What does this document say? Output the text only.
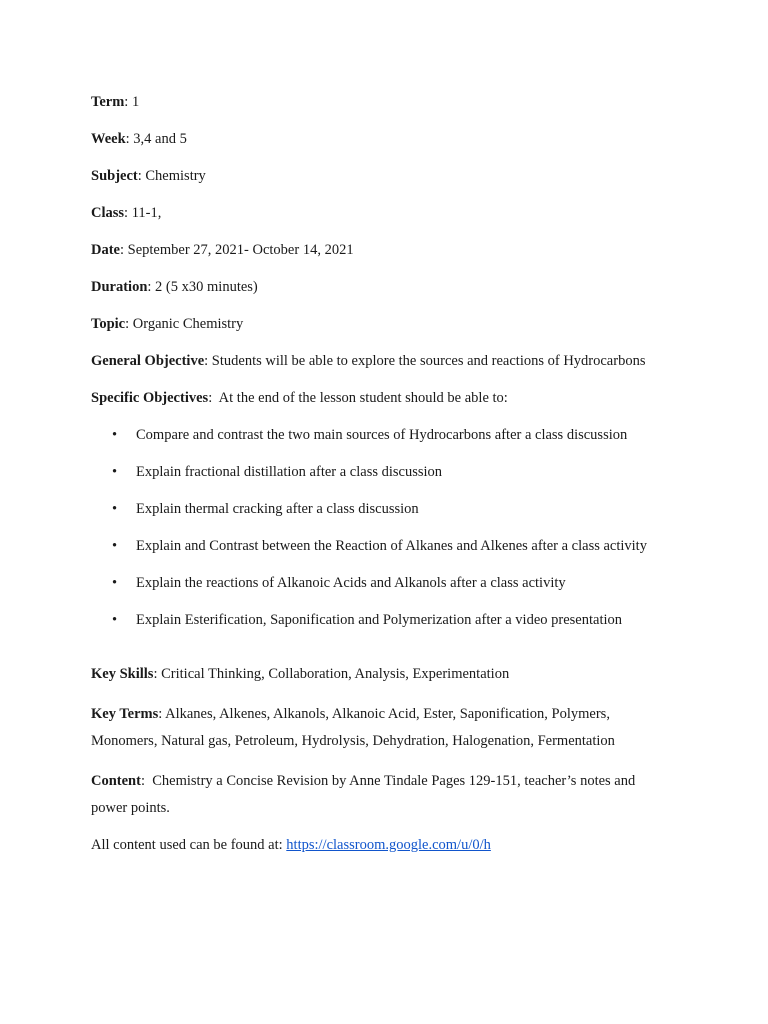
Term: 1

Week: 3,4 and 5

Subject: Chemistry

Class: 11-1,

Date: September 27, 2021- October 14, 2021

Duration: 2 (5 x30 minutes)

Topic: Organic Chemistry

General Objective: Students will be able to explore the sources and reactions of Hydrocarbons

Specific Objectives:  At the end of the lesson student should be able to:

• Compare and contrast the two main sources of Hydrocarbons after a class discussion
• Explain fractional distillation after a class discussion
• Explain thermal cracking after a class discussion
• Explain and Contrast between the Reaction of Alkanes and Alkenes after a class activity
• Explain the reactions of Alkanoic Acids and Alkanols after a class activity
• Explain Esterification, Saponification and Polymerization after a video presentation

Key Skills: Critical Thinking, Collaboration, Analysis, Experimentation

Key Terms: Alkanes, Alkenes, Alkanols, Alkanoic Acid, Ester, Saponification, Polymers, Monomers, Natural gas, Petroleum, Hydrolysis, Dehydration, Halogenation, Fermentation

Content:  Chemistry a Concise Revision by Anne Tindale Pages 129-151, teacher’s notes and power points.

All content used can be found at: https://classroom.google.com/u/0/h
